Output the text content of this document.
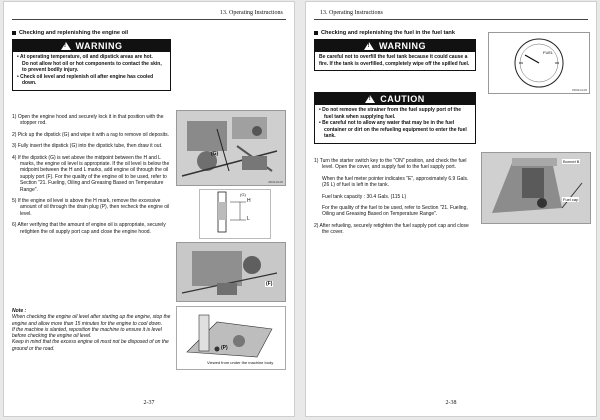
13. Operating Instructions
Checking and replenishing the engine oil
! WARNING

• At operating temperature, oil and dipstick areas are hot.

Do not allow hot oil or hot components to contact the skin, to prevent bodily injury.

• Check oil level and replenish oil after engine has cooled down.

1) Open the engine hood and securely lock it in that position with the stopper rod.

2) Pick up the dipstick (G) and wipe it with a rag to remove oil deposits.

3) Fully insert the dipstick (G) into the dipstick tube, then draw it out.

4) If the dipstick (G) is wet above the midpoint between the H and L marks, the engine oil level is appropriate. If the oil level is below the midpoint between the H and L marks, add engine oil through the oil supply port (F). For the quality of the engine oil to be used, refer to Section "21. Fueling, Oiling and Greasing Based on Temperature Range".

5) If the engine oil level is above the H mark, remove the excessive amount of oil through the drain plug (P), then recheck the engine oil level.

6) After verifying that the amount of engine oil is appropriate, securely retighten the oil supply port cap and close the engine hood.

Note :

When checking the engine oil level after starting up the engine, stop the engine and allow more than 15 minutes for the engine to cool down.

If the machine is slanted, reposition the machine to ensure it is level before checking the engine oil level.

Keep in mind that the excess engine oil must not be disposed of on the ground or the road.

(G)
ZD0119-06
H
L
(G)
(F)
(P)
Viewed from under the machine body
2-37
13. Operating Instructions
Checking and replenishing the fuel in the fuel tank
! WARNING

Be careful not to overfill the fuel tank because it could cause a fire. If the tank is overfilled, completely wipe off the spilled fuel.

! CAUTION

• Do not remove the strainer from the fuel supply port of the fuel tank when supplying fuel.

• Be careful not to allow any water that may be in the fuel container or dirt on the refueling equipment to enter the fuel tank.

1) Turn the starter switch key to the "ON" position, and check the fuel level. Open the cover, and supply fuel to the fuel supply port.

When the fuel meter pointer indicates "E", approximately 6.9 Gals. (26 L) of fuel is left in the tank.

Fuel tank capacity : 30.4 Gals. (115 L)

For the quality of the fuel to be used, refer to Section "21. Fueling, Oiling and Greasing Based on Temperature Range".

2) After refueling, securely retighten the fuel supply port cap and close the cover.

FUEL
ZD0214-06
Bonnet B
Fuel cap
2-38
